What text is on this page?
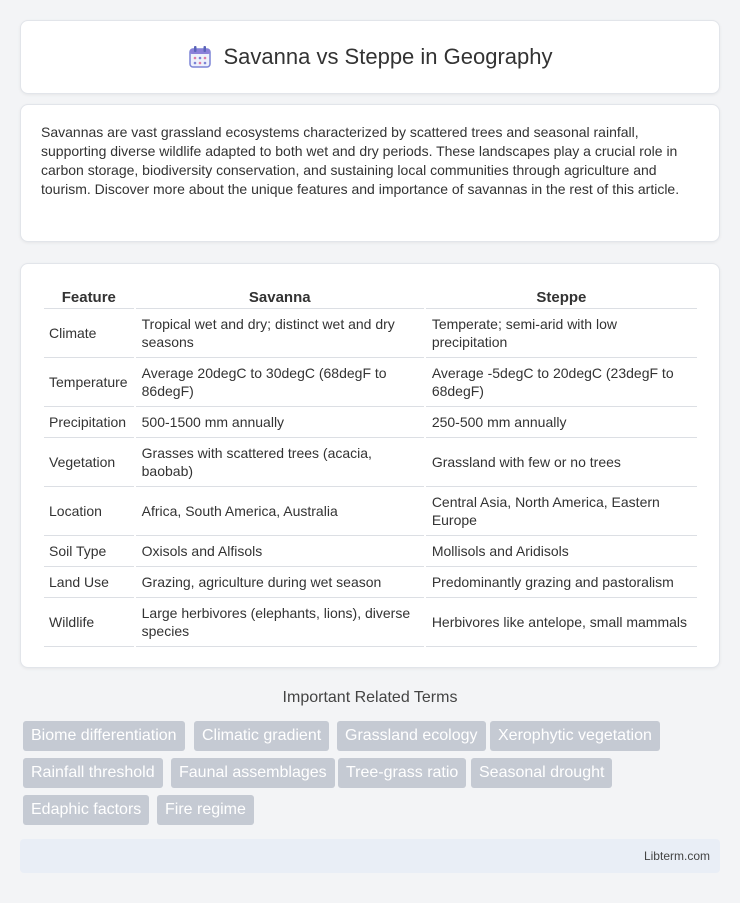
Savanna vs Steppe in Geography

Savannas are vast grassland ecosystems characterized by scattered trees and seasonal rainfall, supporting diverse wildlife adapted to both wet and dry periods. These landscapes play a crucial role in carbon storage, biodiversity conservation, and sustaining local communities through agriculture and tourism. Discover more about the unique features and importance of savannas in the rest of this article.

Feature	Savanna	Steppe
Climate	Tropical wet and dry; distinct wet and dry seasons	Temperate; semi-arid with low precipitation
Temperature	Average 20degC to 30degC (68degF to 86degF)	Average -5degC to 20degC (23degF to 68degF)
Precipitation	500-1500 mm annually	250-500 mm annually
Vegetation	Grasses with scattered trees (acacia, baobab)	Grassland with few or no trees
Location	Africa, South America, Australia	Central Asia, North America, Eastern Europe
Soil Type	Oxisols and Alfisols	Mollisols and Aridisols
Land Use	Grazing, agriculture during wet season	Predominantly grazing and pastoralism
Wildlife	Large herbivores (elephants, lions), diverse species	Herbivores like antelope, small mammals
Important Related Terms
Biome differentiation	Climatic gradient	Grassland ecology	Xerophytic vegetation
Rainfall threshold	Faunal assemblages	Tree-grass ratio	Seasonal drought
Edaphic factors	Fire regime
Libterm.com
